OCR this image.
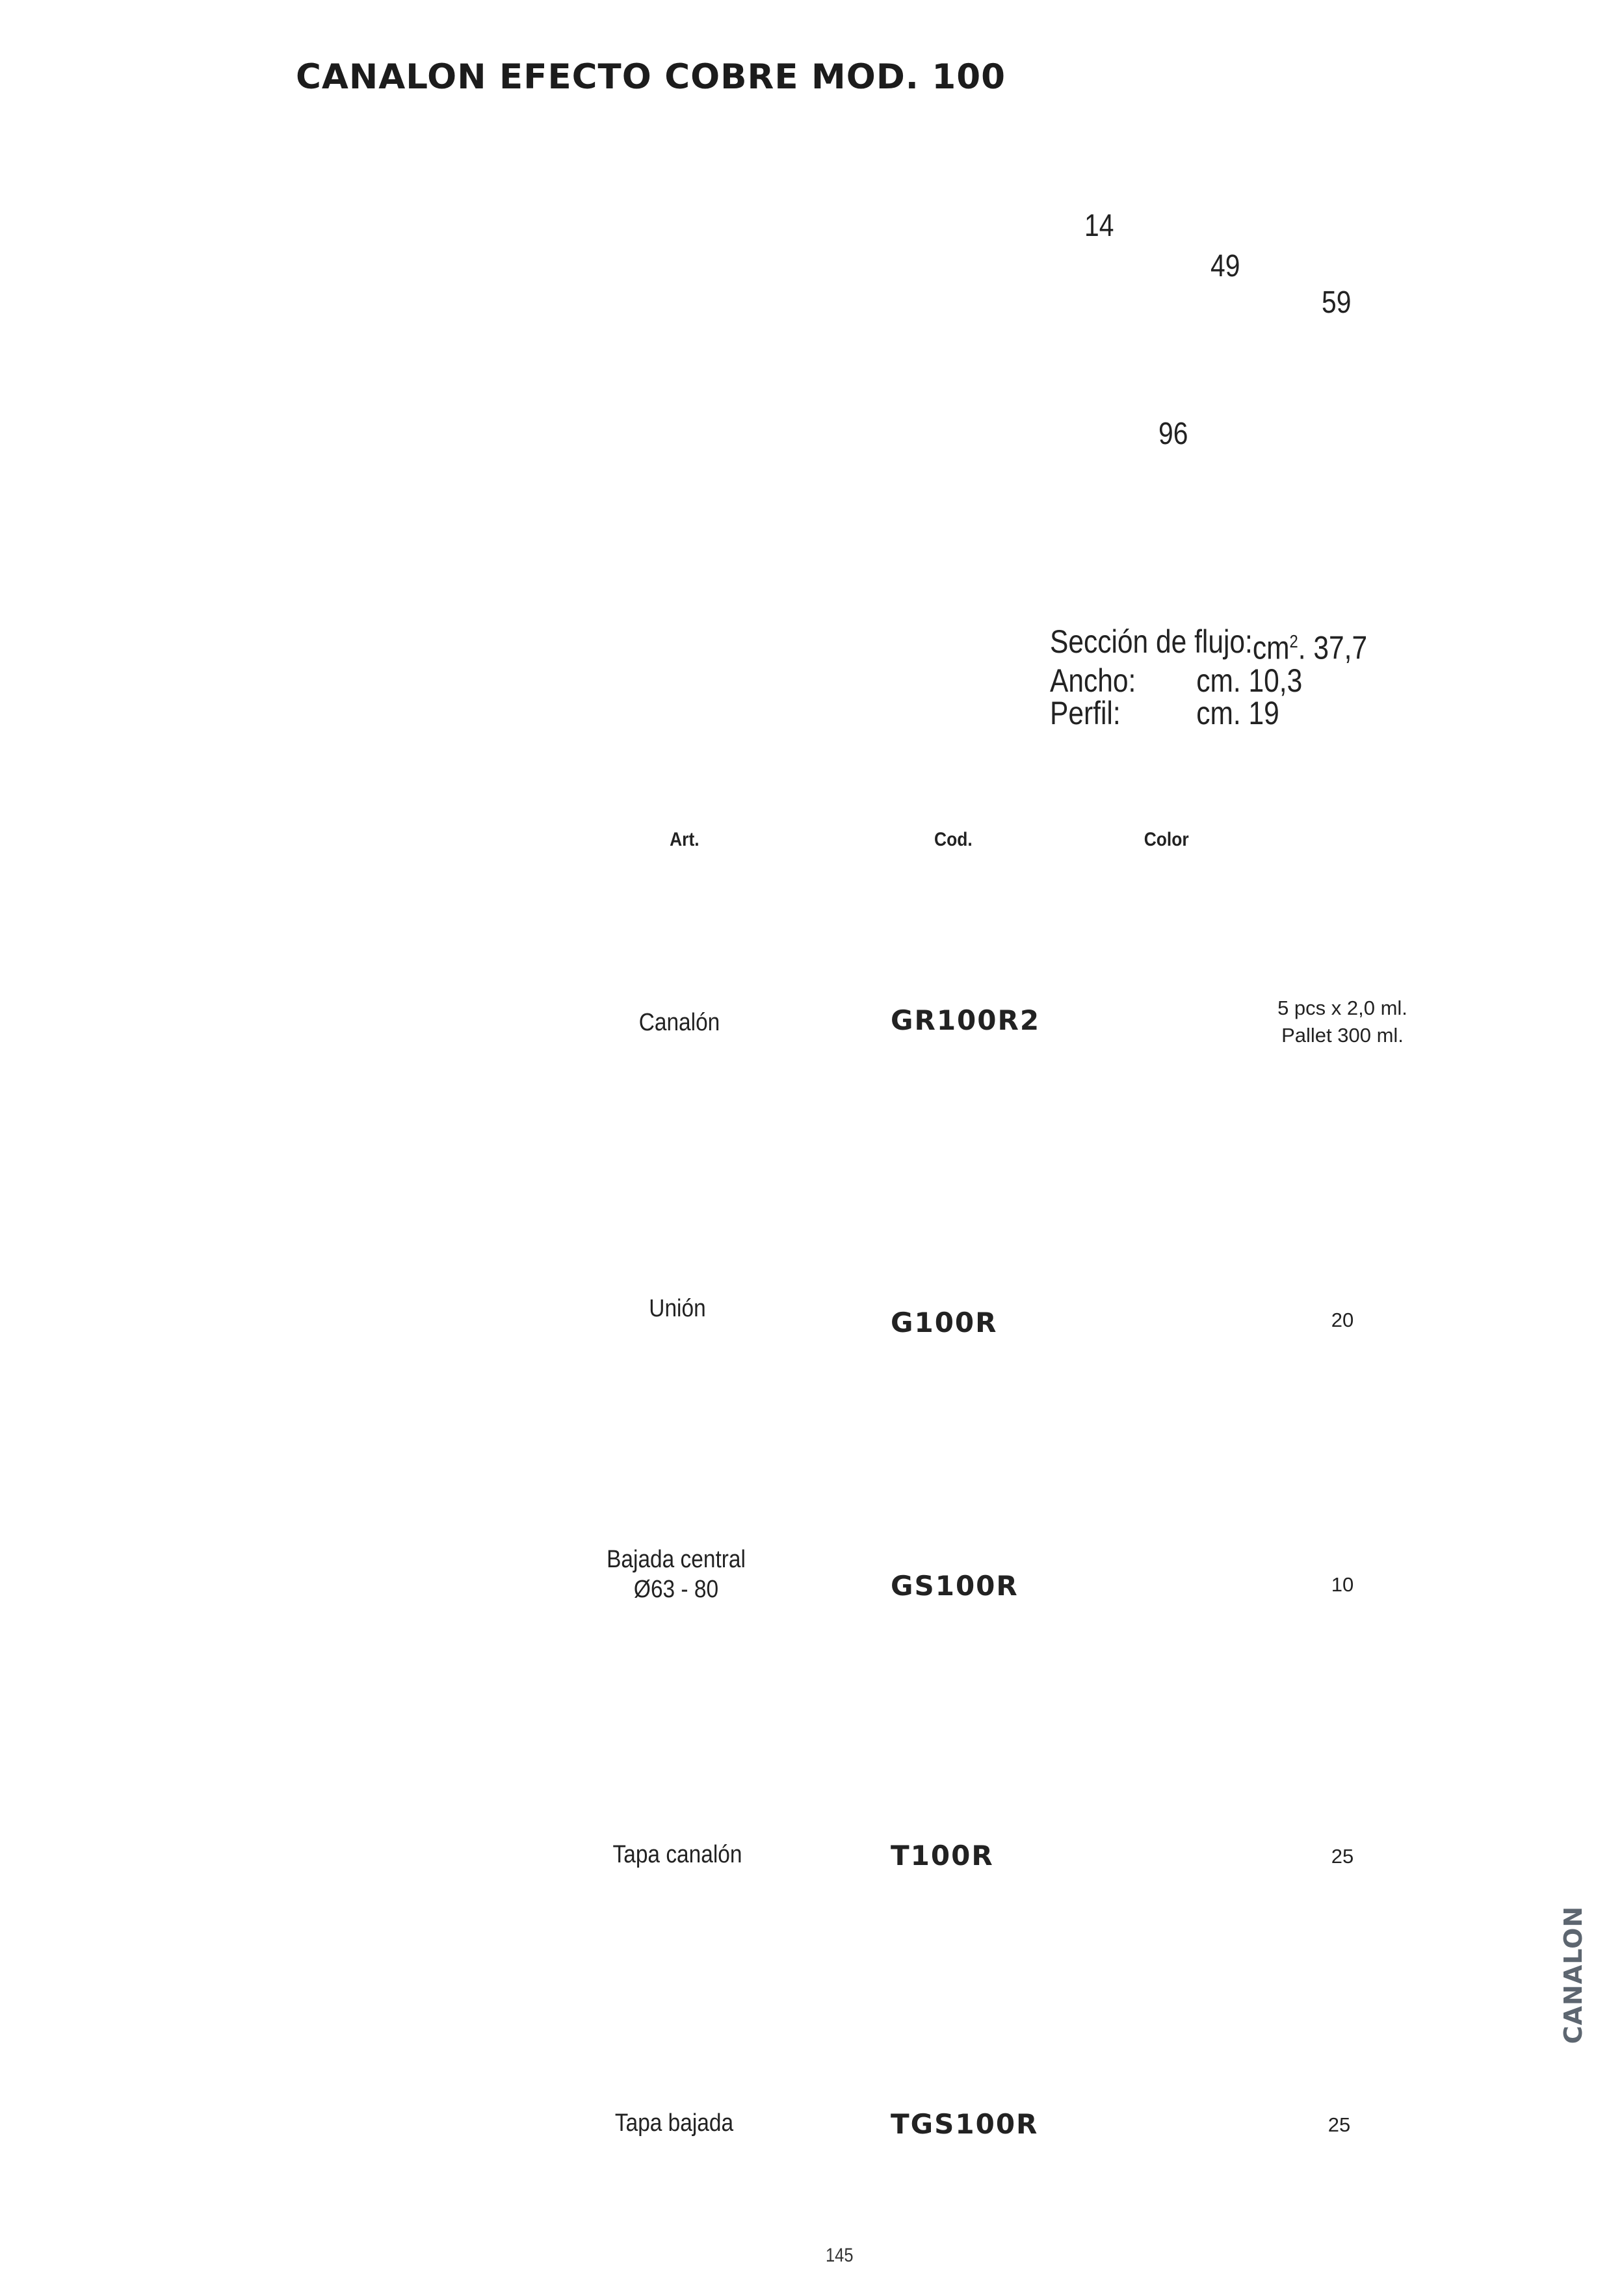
CANALON EFECTO COBRE MOD. 100
14
49
59
96
Sección de flujo: $cm^2$. 37,7
Ancho:	cm. 10,3
Perfil:	cm. 19
Art.	Cod.	Color
Canalón	GR100R2	5 pcs x 2,0 ml.
Pallet 300 ml.
Unión	G100R	20
Bajada central
Ø63 - 80	GS100R	10
Tapa canalón	T100R	25
Tapa bajada	TGS100R	25
CANALON
145
